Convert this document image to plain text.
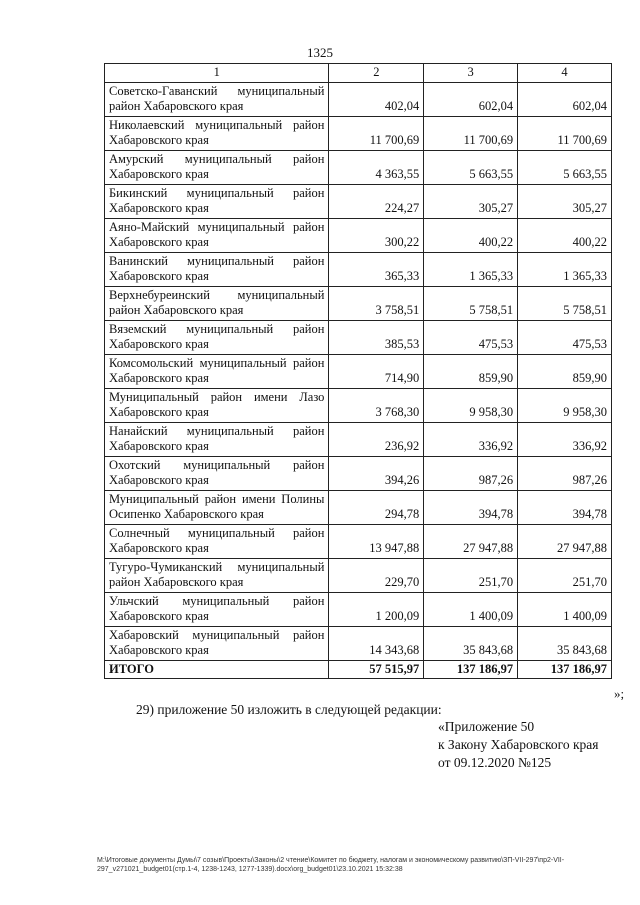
1325
1	2	3	4
Советско-Гаванский муниципальный район Хабаровского края	402,04	602,04	602,04
Николаевский муниципальный район Хабаровского края	11 700,69	11 700,69	11 700,69
Амурский муниципальный район Хабаровского края	4 363,55	5 663,55	5 663,55
Бикинский муниципальный район Хабаровского края	224,27	305,27	305,27
Аяно-Майский муниципальный район Хабаровского края	300,22	400,22	400,22
Ванинский муниципальный район Хабаровского края	365,33	1 365,33	1 365,33
Верхнебуреинский муниципальный район Хабаровского края	3 758,51	5 758,51	5 758,51
Вяземский муниципальный район Хабаровского края	385,53	475,53	475,53
Комсомольский муниципальный район Хабаровского края	714,90	859,90	859,90
Муниципальный район имени Лазо Хабаровского края	3 768,30	9 958,30	9 958,30
Нанайский муниципальный район Хабаровского края	236,92	336,92	336,92
Охотский муниципальный район Хабаровского края	394,26	987,26	987,26
Муниципальный район имени Полины Осипенко Хабаровского края	294,78	394,78	394,78
Солнечный муниципальный район Хабаровского края	13 947,88	27 947,88	27 947,88
Тугуро-Чумиканский муниципальный район Хабаровского края	229,70	251,70	251,70
Ульчский муниципальный район Хабаровского края	1 200,09	1 400,09	1 400,09
Хабаровский муниципальный район Хабаровского края	14 343,68	35 843,68	35 843,68
ИТОГО	57 515,97	137 186,97	137 186,97
»;
29) приложение 50 изложить в следующей редакции:
«Приложение 50
к Закону Хабаровского края
от 09.12.2020 №125
М:\Итоговые документы Думы\7 созыв\Проекты\Законы\2 чтение\Комитет по бюджету, налогам и экономическому развитию\ЗП-VII-297\пр2-VII-297_v271021_budget01(стр.1-4, 1238-1243, 1277-1339).docx\org_budget01\23.10.2021 15:32:38
